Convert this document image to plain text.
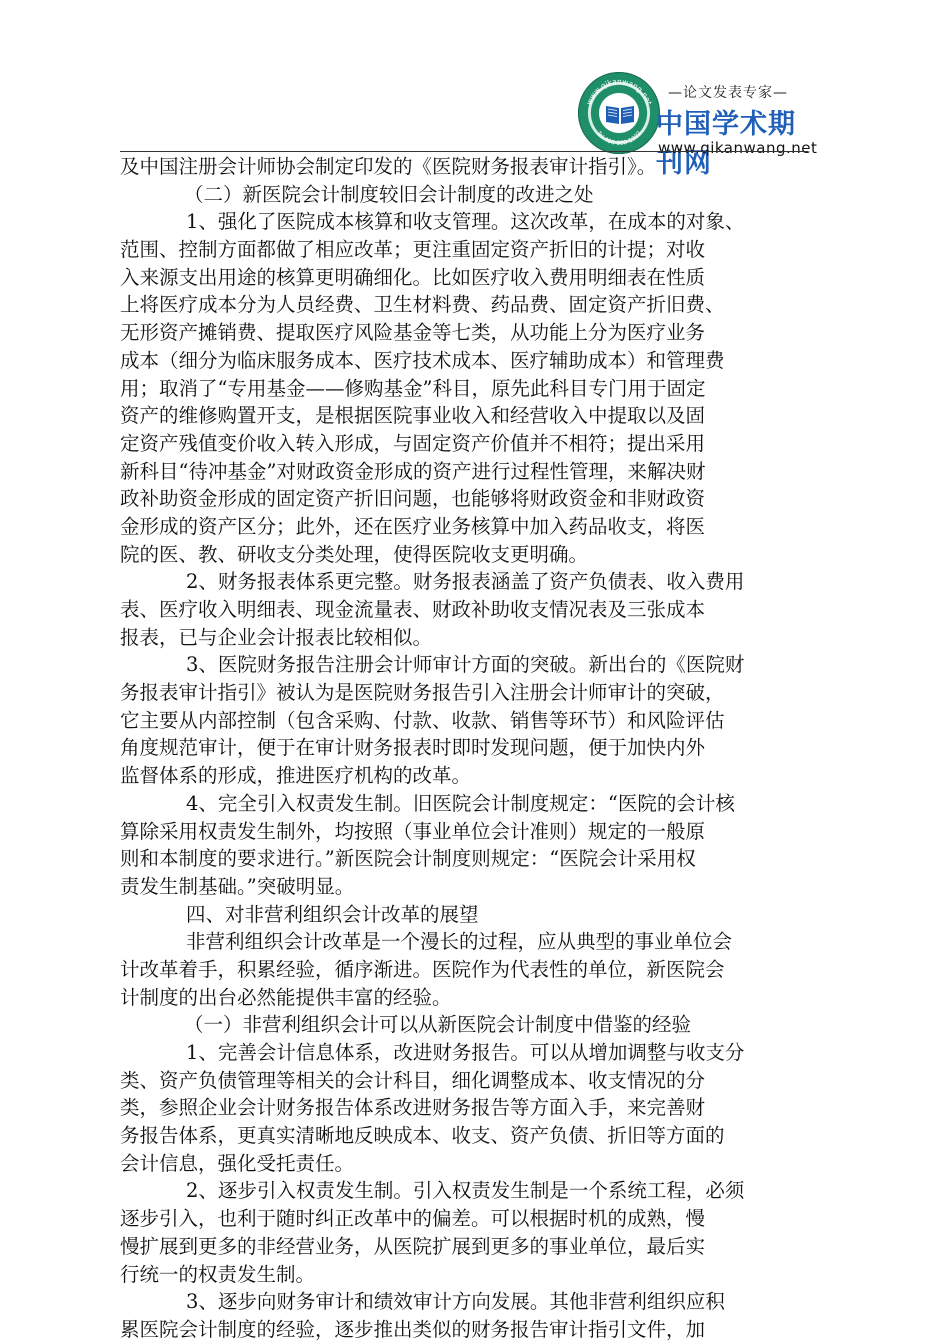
www.qikanwang.net
Tel:400-800-1922
—论文发表专家—
中国学术期刊网
www.qikanwang.net
及中国注册会计师协会制定印发的《医院财务报表审计指引》。
（二）新医院会计制度较旧会计制度的改进之处
1、强化了医院成本核算和收支管理。这次改革，在成本的对象、
范围、控制方面都做了相应改革；更注重固定资产折旧的计提；对收
入来源支出用途的核算更明确细化。比如医疗收入费用明细表在性质
上将医疗成本分为人员经费、卫生材料费、药品费、固定资产折旧费、
无形资产摊销费、提取医疗风险基金等七类，从功能上分为医疗业务
成本（细分为临床服务成本、医疗技术成本、医疗辅助成本）和管理费
用；取消了“专用基金——修购基金”科目，原先此科目专门用于固定
资产的维修购置开支，是根据医院事业收入和经营收入中提取以及固
定资产残值变价收入转入形成，与固定资产价值并不相符；提出采用
新科目“待冲基金”对财政资金形成的资产进行过程性管理，来解决财
政补助资金形成的固定资产折旧问题，也能够将财政资金和非财政资
金形成的资产区分；此外，还在医疗业务核算中加入药品收支，将医
院的医、教、研收支分类处理，使得医院收支更明确。
2、财务报表体系更完整。财务报表涵盖了资产负债表、收入费用
表、医疗收入明细表、现金流量表、财政补助收支情况表及三张成本
报表，已与企业会计报表比较相似。
3、医院财务报告注册会计师审计方面的突破。新出台的《医院财
务报表审计指引》被认为是医院财务报告引入注册会计师审计的突破，
它主要从内部控制（包含采购、付款、收款、销售等环节）和风险评估
角度规范审计，便于在审计财务报表时即时发现问题，便于加快内外
监督体系的形成，推进医疗机构的改革。
4、完全引入权责发生制。旧医院会计制度规定：“医院的会计核
算除采用权责发生制外，均按照（事业单位会计准则）规定的一般原
则和本制度的要求进行。”新医院会计制度则规定：“医院会计采用权
责发生制基础。”突破明显。
四、对非营利组织会计改革的展望
非营利组织会计改革是一个漫长的过程，应从典型的事业单位会
计改革着手，积累经验，循序渐进。医院作为代表性的单位，新医院会
计制度的出台必然能提供丰富的经验。
（一）非营利组织会计可以从新医院会计制度中借鉴的经验
1、完善会计信息体系，改进财务报告。可以从增加调整与收支分
类、资产负债管理等相关的会计科目，细化调整成本、收支情况的分
类，参照企业会计财务报告体系改进财务报告等方面入手，来完善财
务报告体系，更真实清晰地反映成本、收支、资产负债、折旧等方面的
会计信息，强化受托责任。
2、逐步引入权责发生制。引入权责发生制是一个系统工程，必须
逐步引入，也利于随时纠正改革中的偏差。可以根据时机的成熟，慢
慢扩展到更多的非经营业务，从医院扩展到更多的事业单位，最后实
行统一的权责发生制。
3、逐步向财务审计和绩效审计方向发展。其他非营利组织应积
累医院会计制度的经验，逐步推出类似的财务报告审计指引文件，加
